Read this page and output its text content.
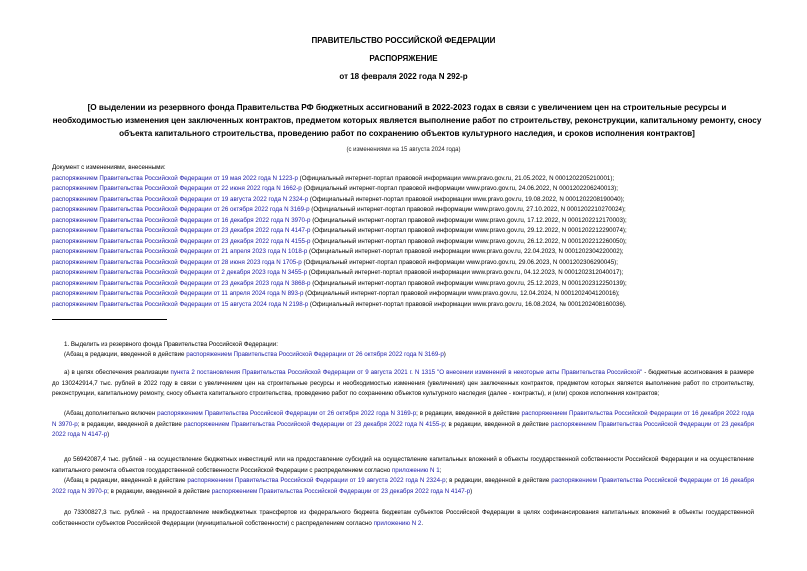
ПРАВИТЕЛЬСТВО РОССИЙСКОЙ ФЕДЕРАЦИИ
РАСПОРЯЖЕНИЕ
от 18 февраля 2022 года N 292-р
[О выделении из резервного фонда Правительства РФ бюджетных ассигнований в 2022-2023 годах в связи с увеличением цен на строительные ресурсы и необходимостью изменения цен заключенных контрактов, предметом которых является выполнение работ по строительству, реконструкции, капитальному ремонту, сносу объекта капитального строительства, проведению работ по сохранению объектов культурного наследия, и сроков исполнения контрактов]
(с изменениями на 15 августа 2024 года)
Документ с изменениями, внесенными:
распоряжением Правительства Российской Федерации от 19 мая 2022 года N 1223-р (Официальный интернет-портал правовой информации www.pravo.gov.ru, 21.05.2022, N 0001202205210001);
распоряжением Правительства Российской Федерации от 22 июня 2022 года N 1662-р (Официальный интернет-портал правовой информации www.pravo.gov.ru, 24.06.2022, N 0001202206240013);
распоряжением Правительства Российской Федерации от 19 августа 2022 года N 2324-р (Официальный интернет-портал правовой информации www.pravo.gov.ru, 19.08.2022, N 0001202208190040);
распоряжением Правительства Российской Федерации от 26 октября 2022 года N 3169-р (Официальный интернет-портал правовой информации www.pravo.gov.ru, 27.10.2022, N 0001202210270024);
распоряжением Правительства Российской Федерации от 16 декабря 2022 года N 3970-р (Официальный интернет-портал правовой информации www.pravo.gov.ru, 17.12.2022, N 0001202212170003);
распоряжением Правительства Российской Федерации от 23 декабря 2022 года N 4147-р (Официальный интернет-портал правовой информации www.pravo.gov.ru, 29.12.2022, N 0001202212290074);
распоряжением Правительства Российской Федерации от 23 декабря 2022 года N 4155-р (Официальный интернет-портал правовой информации www.pravo.gov.ru, 26.12.2022, N 0001202212260050);
распоряжением Правительства Российской Федерации от 21 апреля 2023 года N 1018-р (Официальный интернет-портал правовой информации www.pravo.gov.ru, 22.04.2023, N 0001202304220002);
распоряжением Правительства Российской Федерации от 28 июня 2023 года N 1705-р (Официальный интернет-портал правовой информации www.pravo.gov.ru, 29.06.2023, N 0001202306290045);
распоряжением Правительства Российской Федерации от 2 декабря 2023 года N 3455-р (Официальный интернет-портал правовой информации www.pravo.gov.ru, 04.12.2023, N 0001202312040017);
распоряжением Правительства Российской Федерации от 23 декабря 2023 года N 3868-р (Официальный интернет-портал правовой информации www.pravo.gov.ru, 25.12.2023, N 0001202312250139);
распоряжением Правительства Российской Федерации от 11 апреля 2024 года N 893-р (Официальный интернет-портал правовой информации www.pravo.gov.ru, 12.04.2024, N 0001202404120016);
распоряжением Правительства Российской Федерации от 15 августа 2024 года N 2198-р (Официальный интернет-портал правовой информации www.pravo.gov.ru, 16.08.2024, № 0001202408160036).
1. Выделить из резервного фонда Правительства Российской Федерации:
(Абзац в редакции, введенной в действие распоряжением Правительства Российской Федерации от 26 октября 2022 года N 3169-р)
а) в целях обеспечения реализации пункта 2 постановления Правительства Российской Федерации от 9 августа 2021 г. N 1315 "О внесении изменений в некоторые акты Правительства Российской" - бюджетные ассигнования в размере до 130242914,7 тыс. рублей в 2022 году в связи с увеличением цен на строительные ресурсы и необходимостью изменения (увеличения) цен заключенных контрактов, предметом которых является выполнение работ по строительству, реконструкции, капитальному ремонту, сносу объекта капитального строительства, проведению работ по сохранению объектов культурного наследия (далее - контракты), и (или) сроков исполнения контрактов;
(Абзац дополнительно включен распоряжением Правительства Российской Федерации от 26 октября 2022 года N 3169-р; в редакции, введенной в действие распоряжением Правительства Российской Федерации от 16 декабря 2022 года N 3970-р; в редакции, введенной в действие распоряжением Правительства Российской Федерации от 23 декабря 2022 года N 4155-р; в редакции, введенной в действие распоряжением Правительства Российской Федерации от 23 декабря 2022 года N 4147-р)
до 56942087,4 тыс. рублей - на осуществление бюджетных инвестиций или на предоставление субсидий на осуществление капитальных вложений в объекты государственной собственности Российской Федерации и на осуществление капитального ремонта объектов государственной собственности Российской Федерации с распределением согласно приложению N 1;
(Абзац в редакции, введенной в действие распоряжением Правительства Российской Федерации от 19 августа 2022 года N 2324-р; в редакции, введенной в действие распоряжением Правительства Российской Федерации от 16 декабря 2022 года N 3970-р; в редакции, введенной в действие распоряжением Правительства Российской Федерации от 23 декабря 2022 года N 4147-р)
до 73300827,3 тыс. рублей - на предоставление межбюджетных трансфертов из федерального бюджета бюджетам субъектов Российской Федерации в целях софинансирования капитальных вложений в объекты государственной собственности субъектов Российской Федерации (муниципальной собственности) с распределением согласно приложению N 2.
